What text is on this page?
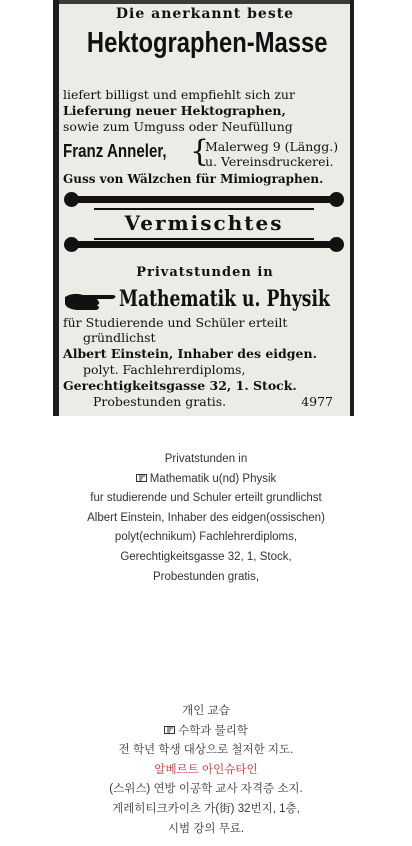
Die anerkannt beste
Hektographen-Masse
liefert billigst und empfiehlt sich zur
Lieferung neuer Hektographen,
sowie zum Umguss oder Neufüllung
Franz Anneler, {
Malerweg 9 (Längg.)
u. Vereinsdruckerei.
Guss von Wälzchen für Mimiographen.
Vermischtes
Privatstunden in
Mathematik u. Physik
für Studierende und Schüler erteilt
gründlichst
Albert Einstein, Inhaber des eidgen.
polyt. Fachlehrerdiploms,
Gerechtigkeitsgasse 32, 1. Stock.
Probestunden gratis.	4977
Privatstunden in
Mathematik u(nd) Physik
fur studierende und Schuler erteilt grundlichst
Albert Einstein, Inhaber des eidgen(ossischen)
polyt(echnikum) Fachlehrerdiploms,
Gerechtigkeitsgasse 32, 1, Stock,
Probestunden gratis,
개인 교습
수학과 물리학
전 학년 학생 대상으로 철저한 지도.
알베르트 아인슈타인
(스위스) 연방 이공학 교사 자격증 소지.
게레히티크카이츠 가(街) 32번지, 1층,
시범 강의 무료.
